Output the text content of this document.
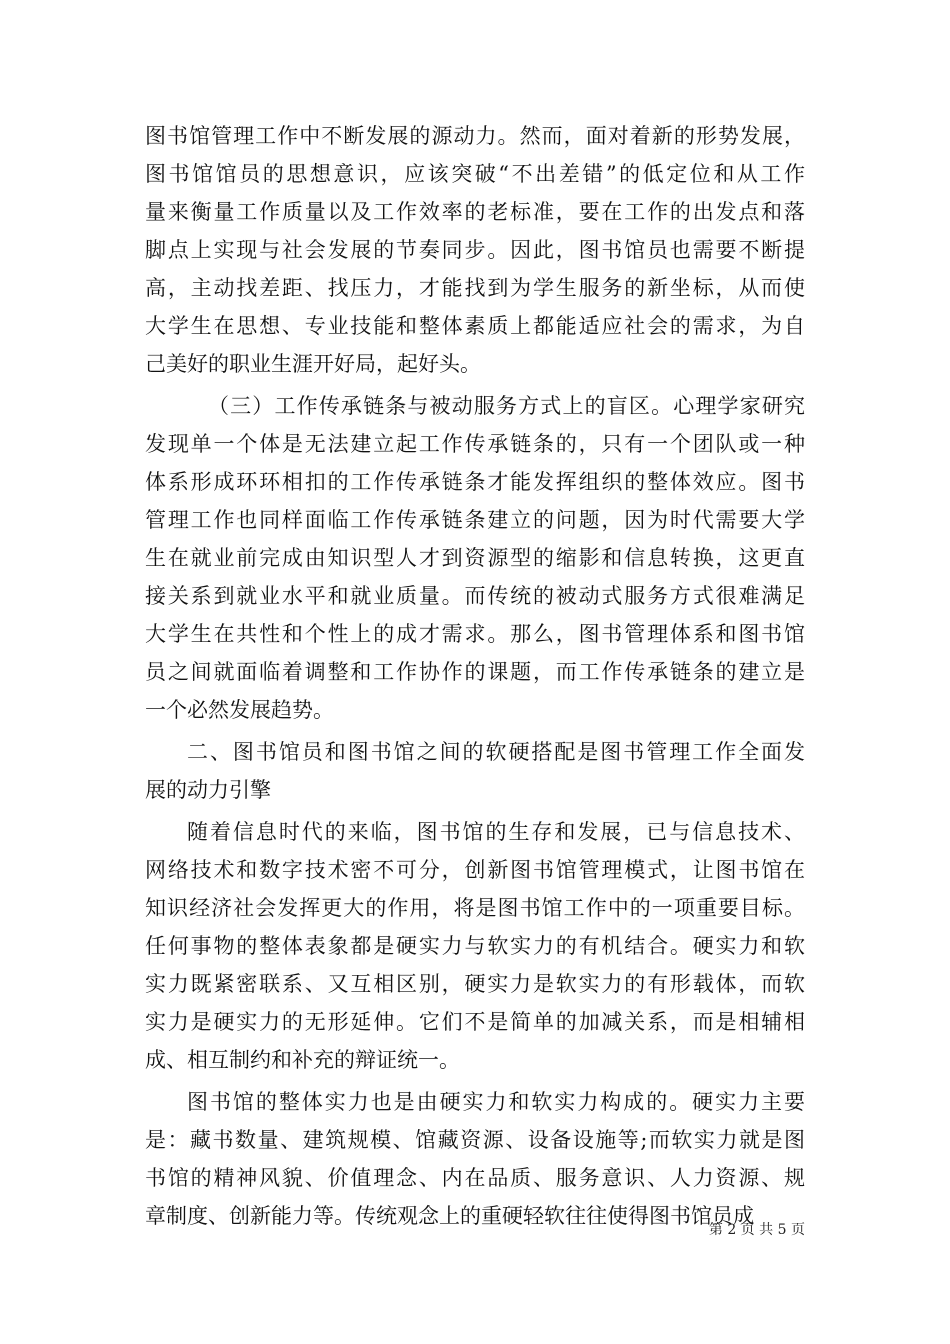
图书馆管理工作中不断发展的源动力。然而，面对着新的形势发展，
图书馆馆员的思想意识，应该突破“不出差错”的低定位和从工作
量来衡量工作质量以及工作效率的老标准，要在工作的出发点和落
脚点上实现与社会发展的节奏同步。因此，图书馆员也需要不断提
高，主动找差距、找压力，才能找到为学生服务的新坐标，从而使
大学生在思想、专业技能和整体素质上都能适应社会的需求，为自
己美好的职业生涯开好局，起好头。
（三）工作传承链条与被动服务方式上的盲区。心理学家研究
发现单一个体是无法建立起工作传承链条的，只有一个团队或一种
体系形成环环相扣的工作传承链条才能发挥组织的整体效应。图书
管理工作也同样面临工作传承链条建立的问题，因为时代需要大学
生在就业前完成由知识型人才到资源型的缩影和信息转换，这更直
接关系到就业水平和就业质量。而传统的被动式服务方式很难满足
大学生在共性和个性上的成才需求。那么，图书管理体系和图书馆
员之间就面临着调整和工作协作的课题，而工作传承链条的建立是
一个必然发展趋势。
二、图书馆员和图书馆之间的软硬搭配是图书管理工作全面发
展的动力引擎
随着信息时代的来临，图书馆的生存和发展，已与信息技术、
网络技术和数字技术密不可分，创新图书馆管理模式，让图书馆在
知识经济社会发挥更大的作用，将是图书馆工作中的一项重要目标。
任何事物的整体表象都是硬实力与软实力的有机结合。硬实力和软
实力既紧密联系、又互相区别，硬实力是软实力的有形载体，而软
实力是硬实力的无形延伸。它们不是简单的加减关系，而是相辅相
成、相互制约和补充的辩证统一。
图书馆的整体实力也是由硬实力和软实力构成的。硬实力主要
是：藏书数量、建筑规模、馆藏资源、设备设施等;而软实力就是图
书馆的精神风貌、价值理念、内在品质、服务意识、人力资源、规
章制度、创新能力等。传统观念上的重硬轻软往往使得图书馆员成
第 2 页 共 5 页
